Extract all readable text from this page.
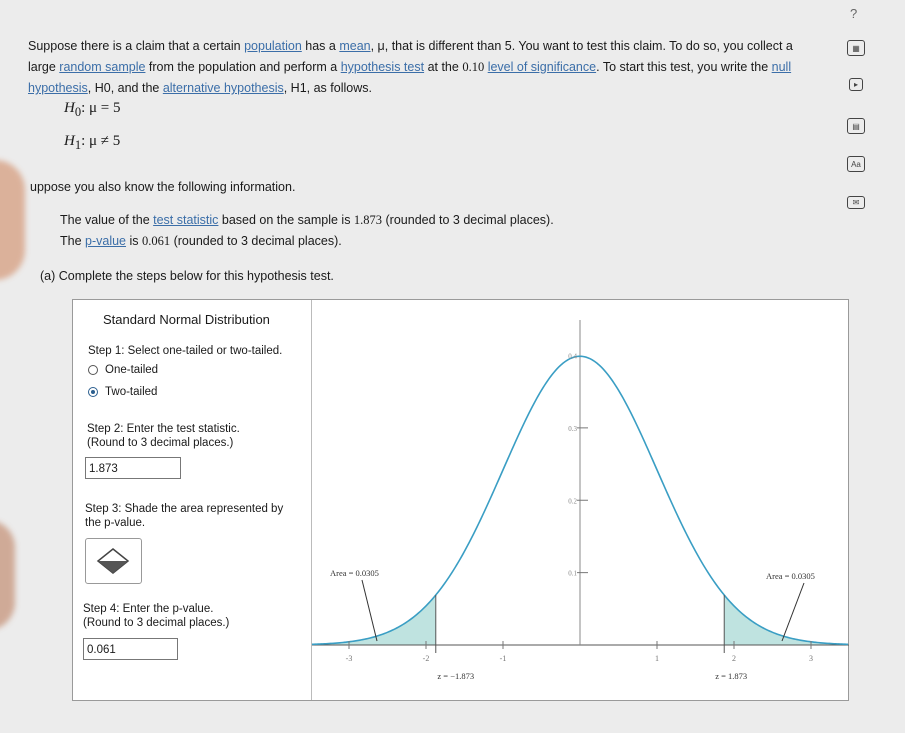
Suppose there is a claim that a certain population has a mean, μ, that is different than 5. You want to test this claim. To do so, you collect a large random sample from the population and perform a hypothesis test at the 0.10 level of significance. To start this test, you write the null hypothesis, H0, and the alternative hypothesis, H1, as follows.
$H_0$: μ = 5
$H_1$: μ ≠ 5
uppose you also know the following information.
The value of the test statistic based on the sample is 1.873 (rounded to 3 decimal places).
The p-value is 0.061 (rounded to 3 decimal places).
(a) Complete the steps below for this hypothesis test.
Standard Normal Distribution
Step 1: Select one-tailed or two-tailed.
One-tailed
Two-tailed
Step 2: Enter the test statistic.
(Round to 3 decimal places.)
1.873
Step 3: Shade the area represented by
the p-value.
Step 4: Enter the p-value.
(Round to 3 decimal places.)
0.061
-3	-2	-1	1	2	3
0.1
0.2
0.3
0.4
Area = 0.0305	Area = 0.0305
z = −1.873	z = 1.873
?
▦
▸
▤
Aa
✉
